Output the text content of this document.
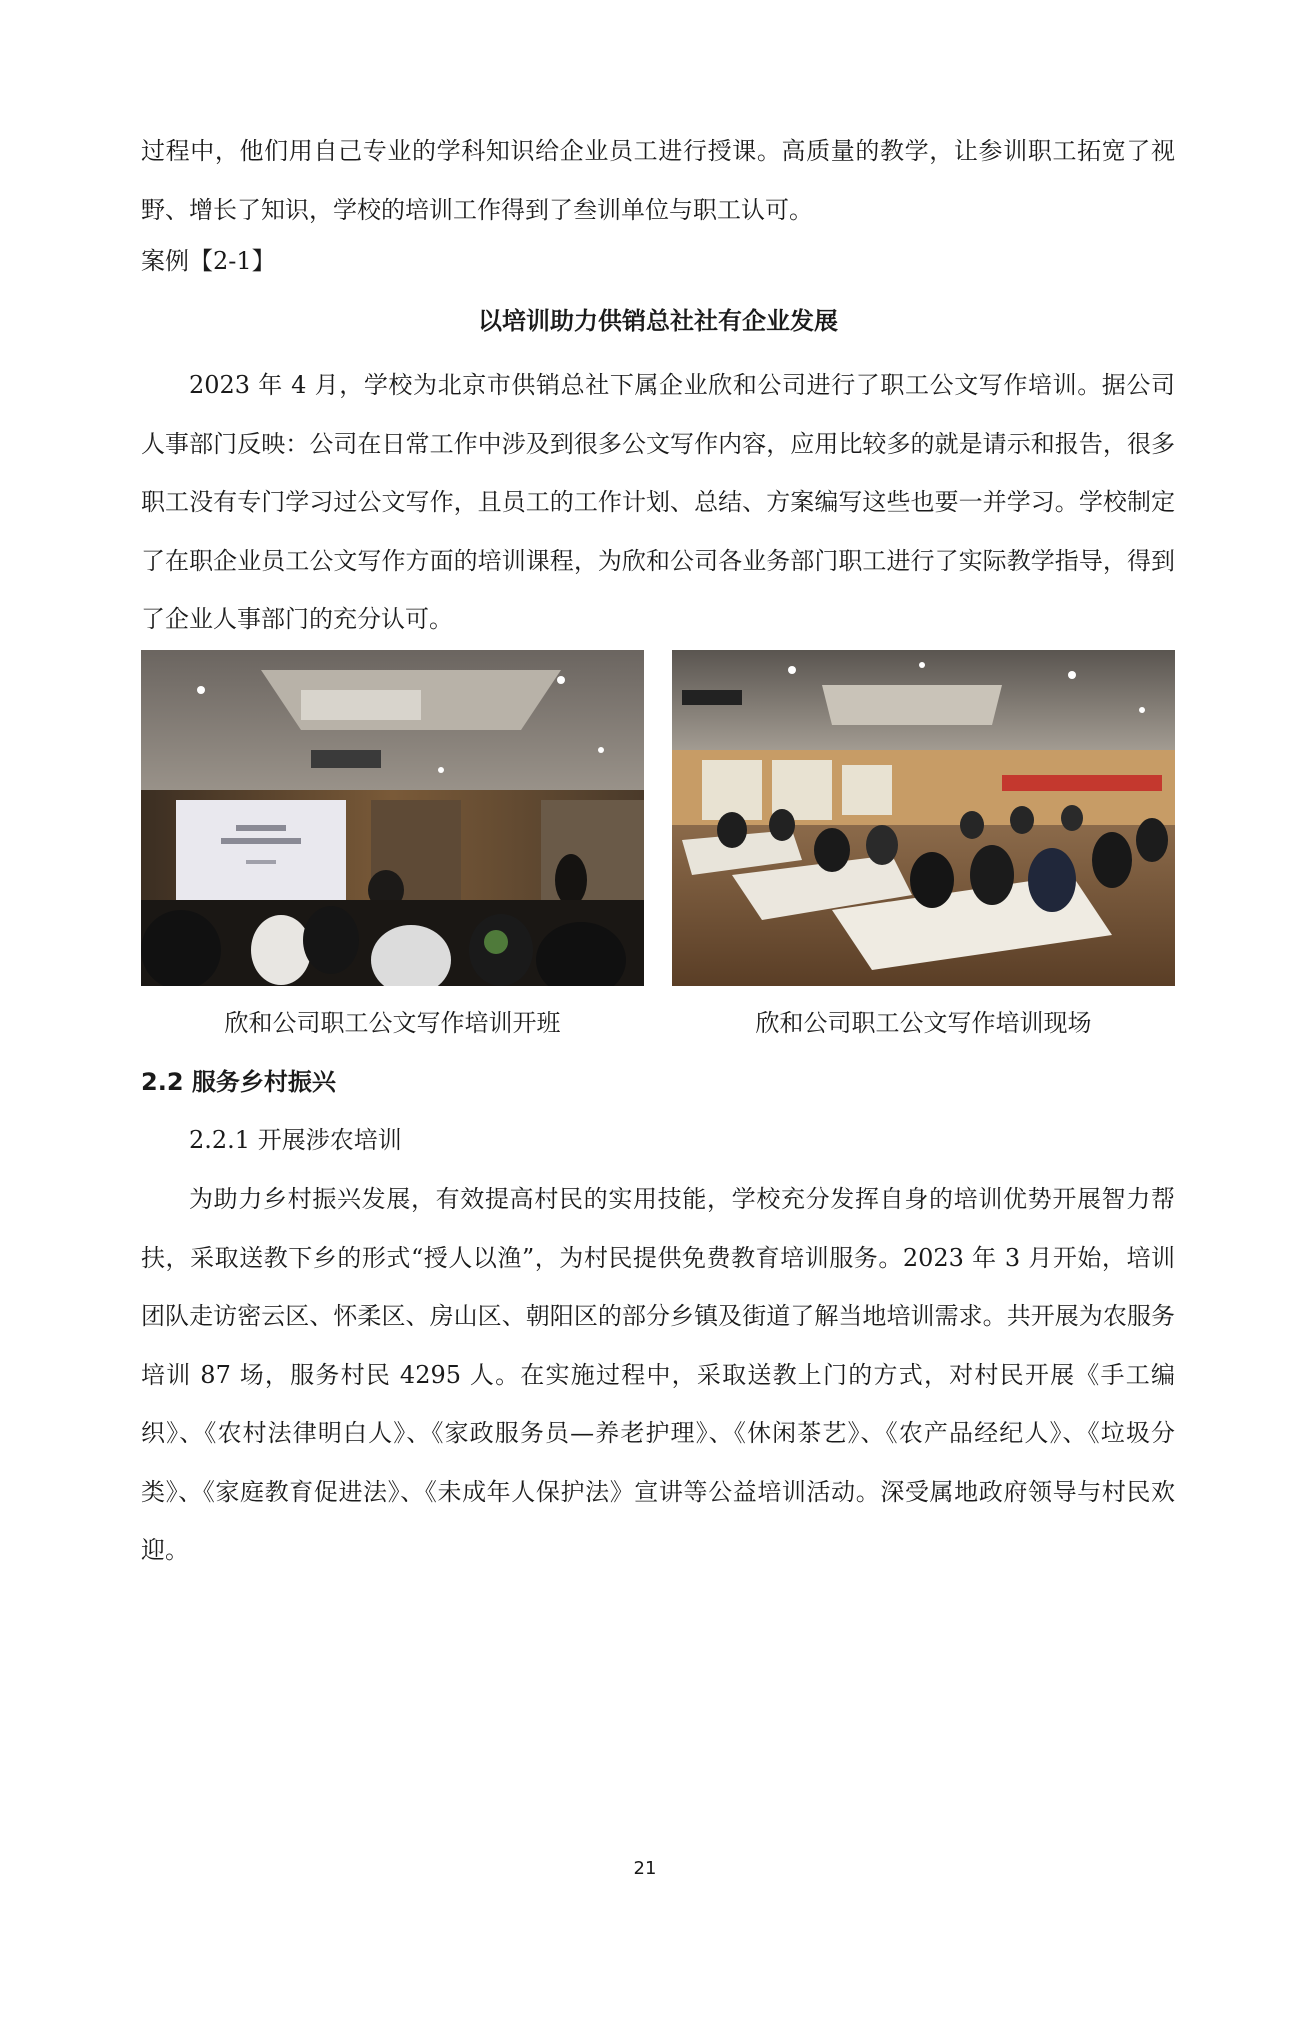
过程中，他们用自己专业的学科知识给企业员工进行授课。高质量的教学，让参训职工拓宽了视野、增长了知识，学校的培训工作得到了叁训单位与职工认可。

案例【2-1】

以培训助力供销总社社有企业发展

2023 年 4 月，学校为北京市供销总社下属企业欣和公司进行了职工公文写作培训。据公司人事部门反映：公司在日常工作中涉及到很多公文写作内容，应用比较多的就是请示和报告，很多职工没有专门学习过公文写作，且员工的工作计划、总结、方案编写这些也要一并学习。学校制定了在职企业员工公文写作方面的培训课程，为欣和公司各业务部门职工进行了实际教学指导，得到了企业人事部门的充分认可。

欣和公司职工公文写作培训开班	欣和公司职工公文写作培训现场

2.2 服务乡村振兴

2.2.1 开展涉农培训

为助力乡村振兴发展，有效提高村民的实用技能，学校充分发挥自身的培训优势开展智力帮扶，采取送教下乡的形式“授人以渔”，为村民提供免费教育培训服务。2023 年 3 月开始，培训团队走访密云区、怀柔区、房山区、朝阳区的部分乡镇及街道了解当地培训需求。共开展为农服务培训 87 场，服务村民 4295 人。在实施过程中，采取送教上门的方式，对村民开展《手工编织》、《农村法律明白人》、《家政服务员—养老护理》、《休闲茶艺》、《农产品经纪人》、《垃圾分类》、《家庭教育促进法》、《未成年人保护法》宣讲等公益培训活动。深受属地政府领导与村民欢迎。

21
